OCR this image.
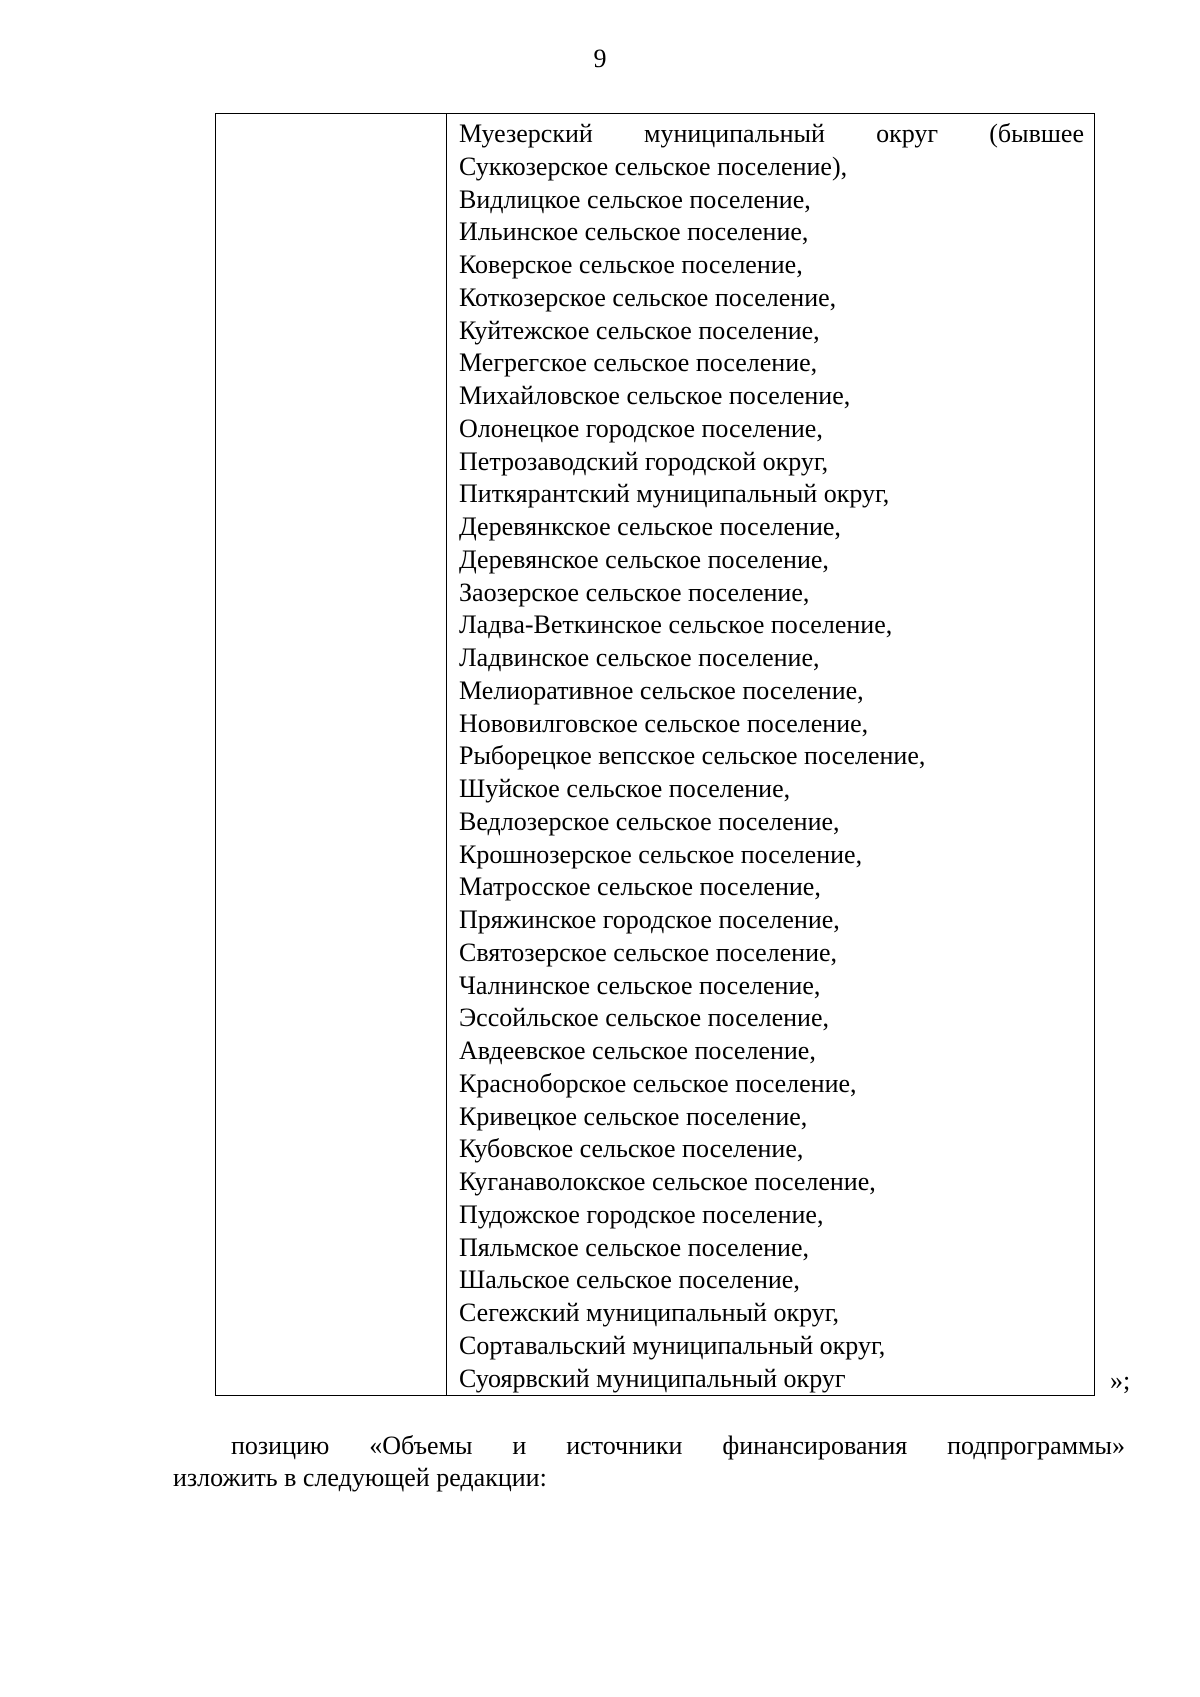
9
Муезерский муниципальный округ (бывшее
Суккозерское сельское поселение),
Видлицкое сельское поселение,
Ильинское сельское поселение,
Коверское сельское поселение,
Коткозерское сельское поселение,
Куйтежское сельское поселение,
Мегрегское сельское поселение,
Михайловское сельское поселение,
Олонецкое городское поселение,
Петрозаводский городской округ,
Питкярантский муниципальный округ,
Деревянкское сельское поселение,
Деревянское сельское поселение,
Заозерское сельское поселение,
Ладва-Веткинское сельское поселение,
Ладвинское сельское поселение,
Мелиоративное сельское поселение,
Нововилговское сельское поселение,
Рыборецкое вепсское сельское поселение,
Шуйское сельское поселение,
Ведлозерское сельское поселение,
Крошнозерское сельское поселение,
Матросское сельское поселение,
Пряжинское городское поселение,
Святозерское сельское поселение,
Чалнинское сельское поселение,
Эссойльское сельское поселение,
Авдеевское сельское поселение,
Красноборское сельское поселение,
Кривецкое сельское поселение,
Кубовское сельское поселение,
Куганаволокское сельское поселение,
Пудожское городское поселение,
Пяльмское сельское поселение,
Шальское сельское поселение,
Сегежский муниципальный округ,
Сортавальский муниципальный округ,
Суоярвский муниципальный округ	»;
позицию «Объемы и источники финансирования подпрограммы»
изложить в следующей редакции:
